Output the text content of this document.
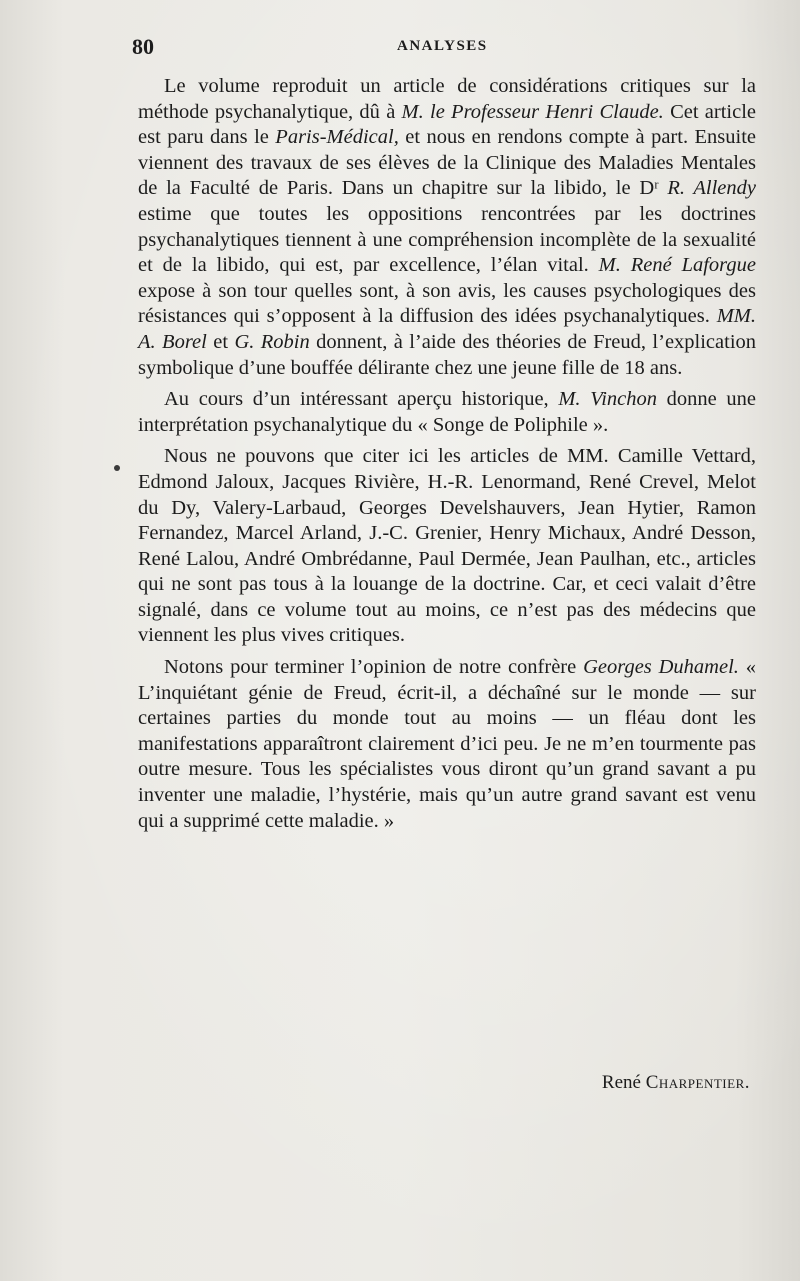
80	ANALYSES

Le volume reproduit un article de considérations critiques sur la méthode psychanalytique, dû à M. le Professeur Henri Claude. Cet article est paru dans le Paris-Médical, et nous en rendons compte à part. Ensuite viennent des travaux de ses élèves de la Clinique des Maladies Mentales de la Faculté de Paris. Dans un chapitre sur la libido, le Dʳ R. Allendy estime que toutes les oppositions rencontrées par les doctrines psychanalytiques tiennent à une compréhension incomplète de la sexualité et de la libido, qui est, par excellence, l’élan vital. M. René Laforgue expose à son tour quelles sont, à son avis, les causes psychologiques des résistances qui s’opposent à la diffusion des idées psychanalytiques. MM. A. Borel et G. Robin donnent, à l’aide des théories de Freud, l’explication symbolique d’une bouffée délirante chez une jeune fille de 18 ans.

Au cours d’un intéressant aperçu historique, M. Vinchon donne une interprétation psychanalytique du « Songe de Poliphile ».

Nous ne pouvons que citer ici les articles de MM. Camille Vettard, Edmond Jaloux, Jacques Rivière, H.-R. Lenormand, René Crevel, Melot du Dy, Valery-Larbaud, Georges Develshauvers, Jean Hytier, Ramon Fernandez, Marcel Arland, J.-C. Grenier, Henry Michaux, André Desson, René Lalou, André Ombrédanne, Paul Dermée, Jean Paulhan, etc., articles qui ne sont pas tous à la louange de la doctrine. Car, et ceci valait d’être signalé, dans ce volume tout au moins, ce n’est pas des médecins que viennent les plus vives critiques.

Notons pour terminer l’opinion de notre confrère Georges Duhamel. « L’inquiétant génie de Freud, écrit-il, a déchaîné sur le monde — sur certaines parties du monde tout au moins — un fléau dont les manifestations apparaîtront clairement d’ici peu. Je ne m’en tourmente pas outre mesure. Tous les spécialistes vous diront qu’un grand savant a pu inventer une maladie, l’hystérie, mais qu’un autre grand savant est venu qui a supprimé cette maladie. »

René Charpentier.
